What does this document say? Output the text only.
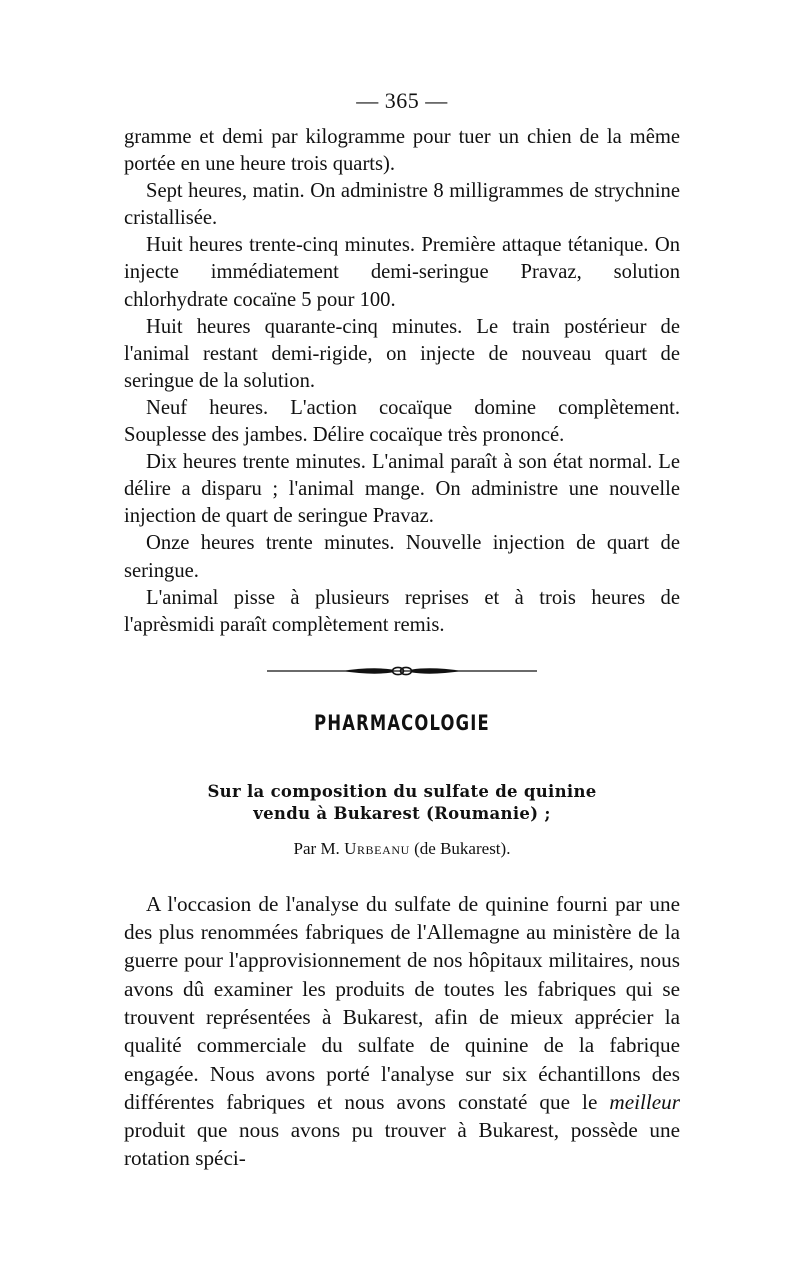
— 365 —

gramme et demi par kilogramme pour tuer un chien de la même portée en une heure trois quarts).

Sept heures, matin. On administre 8 milligrammes de strychnine cristallisée.

Huit heures trente-cinq minutes. Première attaque tétanique. On injecte immédiatement demi-seringue Pravaz, solution chlorhydrate cocaïne 5 pour 100.

Huit heures quarante-cinq minutes. Le train postérieur de l'animal restant demi-rigide, on injecte de nouveau quart de seringue de la solution.

Neuf heures. L'action cocaïque domine complètement. Souplesse des jambes. Délire cocaïque très prononcé.

Dix heures trente minutes. L'animal paraît à son état normal. Le délire a disparu ; l'animal mange. On administre une nouvelle injection de quart de seringue Pravaz.

Onze heures trente minutes. Nouvelle injection de quart de seringue.

L'animal pisse à plusieurs reprises et à trois heures de l'aprèsmidi paraît complètement remis.

PHARMACOLOGIE
Sur la composition du sulfate de quinine
vendu à Bukarest (Roumanie) ;
Par M. Urbeanu (de Bukarest).

A l'occasion de l'analyse du sulfate de quinine fourni par une des plus renommées fabriques de l'Allemagne au ministère de la guerre pour l'approvisionnement de nos hôpitaux militaires, nous avons dû examiner les produits de toutes les fabriques qui se trouvent représentées à Bukarest, afin de mieux apprécier la qualité commerciale du sulfate de quinine de la fabrique engagée. Nous avons porté l'analyse sur six échantillons des différentes fabriques et nous avons constaté que le meilleur produit que nous avons pu trouver à Bukarest, possède une rotation spéci-
